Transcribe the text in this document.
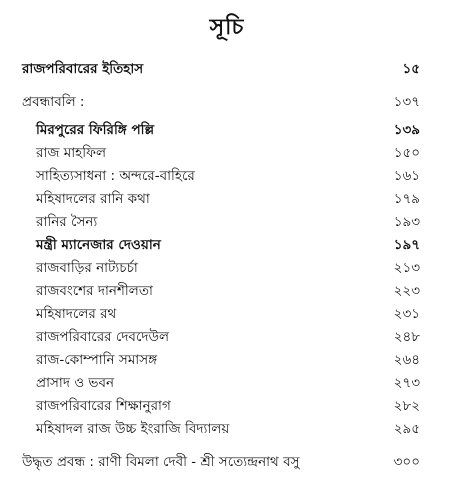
সূচি
রাজপরিবারের ইতিহাস	১৫
প্রবন্ধাবলি :	১৩৭
মিরপুরের ফিরিঙ্গি পল্লি	১৩৯
রাজ মাহফিল	১৫০
সাহিত্যসাধনা : অন্দরে-বাহিরে	১৬১
মহিষাদলের রানি কথা	১৭৯
রানির সৈন্য	১৯৩
মন্ত্রী ম্যানেজার দেওয়ান	১৯৭
রাজবাড়ির নাট্যচর্চা	২১৩
রাজবংশের দানশীলতা	২২৩
মহিষাদলের রথ	২৩১
রাজপরিবারের দেবদেউল	২৪৮
রাজ-কোম্পানি সমাসঙ্গ	২৬৪
প্রাসাদ ও ভবন	২৭৩
রাজপরিবারের শিক্ষানুরাগ	২৮২
মহিষাদল রাজ উচ্চ ইংরাজি বিদ্যালয়	২৯৫
উদ্ধৃত প্রবন্ধ : রাণী বিমলা দেবী - শ্রী সত্যেন্দ্রনাথ বসু	৩০০
